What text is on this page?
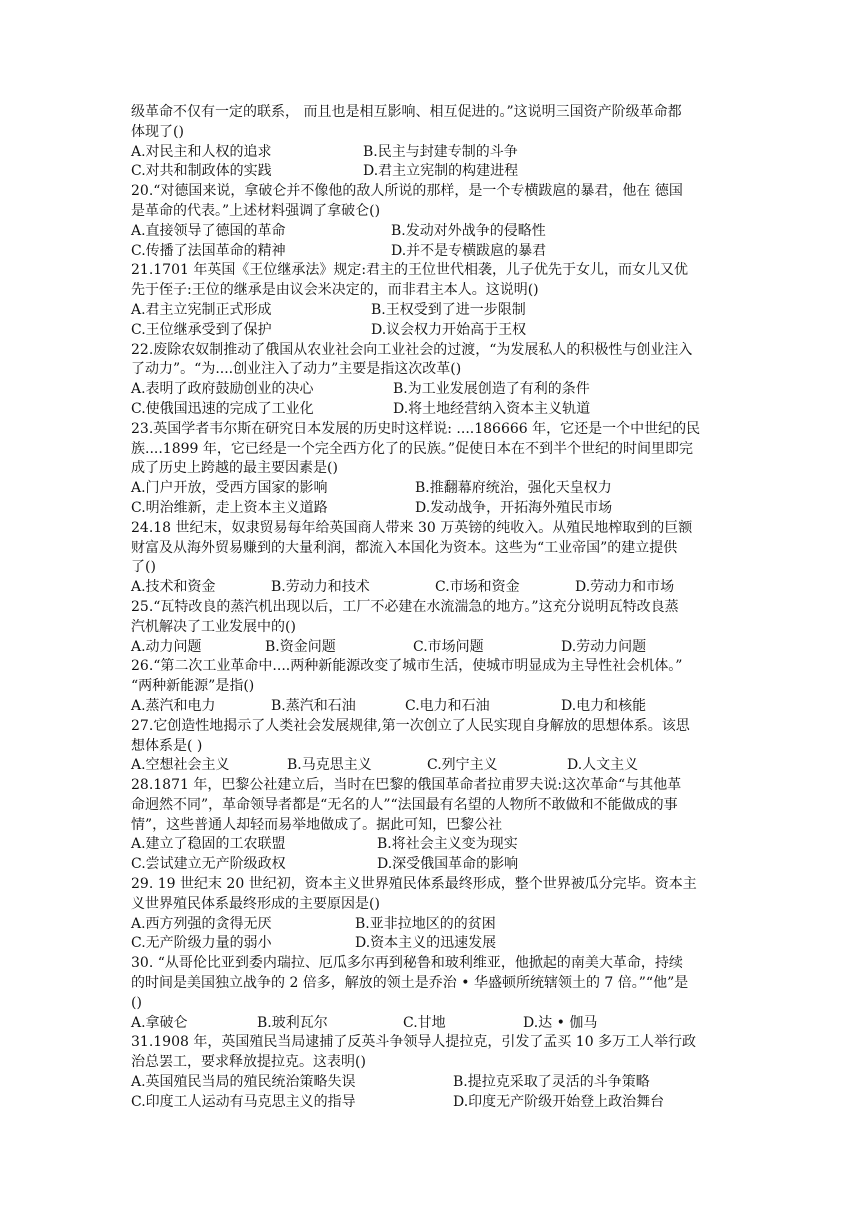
级革命不仅有一定的联系， 而且也是相互影响、相互促进的。”这说明三国资产阶级革命都
体现了()
A.对民主和人权的追求	B.民主与封建专制的斗争
C.对共和制政体的实践	D.君主立宪制的构建进程
20.“对德国来说，拿破仑并不像他的敌人所说的那样，是一个专横跋扈的暴君，他在 德国
是革命的代表。”上述材料强调了拿破仑()
A.直接领导了德国的革命	B.发动对外战争的侵略性
C.传播了法国革命的精神	D.并不是专横跋扈的暴君
21.1701 年英国《王位继承法》规定:君主的王位世代相袭，儿子优先于女儿，而女儿又优
先于侄子:王位的继承是由议会米决定的，而非君主本人。这说明()
A.君主立宪制正式形成	B.王权受到了进一步限制
C.王位继承受到了保护	D.议会权力开始高于王权
22.废除农奴制推动了俄国从农业社会向工业社会的过渡，“为发展私人的积极性与创业注入
了动力”。“为....创业注入了动力”主要是指这次改革()
A.表明了政府鼓励创业的决心	B.为工业发展创造了有利的条件
C.使俄国迅速的完成了工业化	D.将土地经营纳入资本主义轨道
23.英国学者韦尔斯在研究日本发展的历史时这样说: ....186666 年，它还是一个中世纪的民
族....1899 年，它已经是一个完全西方化了的民族。”促使日本在不到半个世纪的时间里即完
成了历史上跨越的最主要因素是()
A.门户开放，受西方国家的影响	B.推翻幕府统治，强化天皇权力
C.明治维新，走上资本主义道路	D.发动战争，开拓海外殖民市场
24.18 世纪末，奴隶贸易每年给英国商人带来 30 万英镑的纯收入。从殖民地榨取到的巨额
财富及从海外贸易赚到的大量利润，都流入本国化为资本。这些为“工业帝国”的建立提供
了()
A.技术和资金	B.劳动力和技术	C.市场和资金	D.劳动力和市场
25.“瓦特改良的蒸汽机出现以后，工厂不必建在水流湍急的地方。”这充分说明瓦特改良蒸
汽机解决了工业发展中的()
A.动力问题	B.资金问题	C.市场问题	D.劳动力问题
26.“第二次工业革命中....两种新能源改变了城市生活，使城市明显成为主导性社会机体。”
“两种新能源”是指()
A.蒸汽和电力	B.蒸汽和石油	C.电力和石油	D.电力和核能
27.它创造性地揭示了人类社会发展规律,第一次创立了人民实现自身解放的思想体系。该思
想体系是( )
A.空想社会主义	B.马克思主义	C.列宁主义	D.人文主义
28.1871 年，巴黎公社建立后，当时在巴黎的俄国革命者拉甫罗夫说:这次革命“与其他革
命迥然不同”，革命领导者都是“无名的人”“法国最有名望的人物所不敢做和不能做成的事
情”，这些普通人却轻而易举地做成了。据此可知，巴黎公社
A.建立了稳固的工农联盟	B.将社会主义变为现实
C.尝试建立无产阶级政权	D.深受俄国革命的影响
29. 19 世纪末 20 世纪初，资本主义世界殖民体系最终形成，整个世界被瓜分完毕。资本主
义世界殖民体系最终形成的主要原因是()
A.西方列强的贪得无厌	B.亚非拉地区的的贫困
C.无产阶级力量的弱小	D.资本主义的迅速发展
30. “从哥伦比亚到委内瑞拉、厄瓜多尔再到秘鲁和玻利维亚，他掀起的南美大革命，持续
的时间是美国独立战争的 2 倍多，解放的领土是乔治 • 华盛顿所统辖领土的 7 倍。”“他”是
()
A.拿破仑	B.玻利瓦尔	C.甘地	D.达 • 伽马
31.1908 年，英国殖民当局逮捕了反英斗争领导人提拉克，引发了孟买 10 多万工人举行政
治总罢工，要求释放提拉克。这表明()
A.英国殖民当局的殖民统治策略失误	B.提拉克采取了灵活的斗争策略
C.印度工人运动有马克思主义的指导	D.印度无产阶级开始登上政治舞台
